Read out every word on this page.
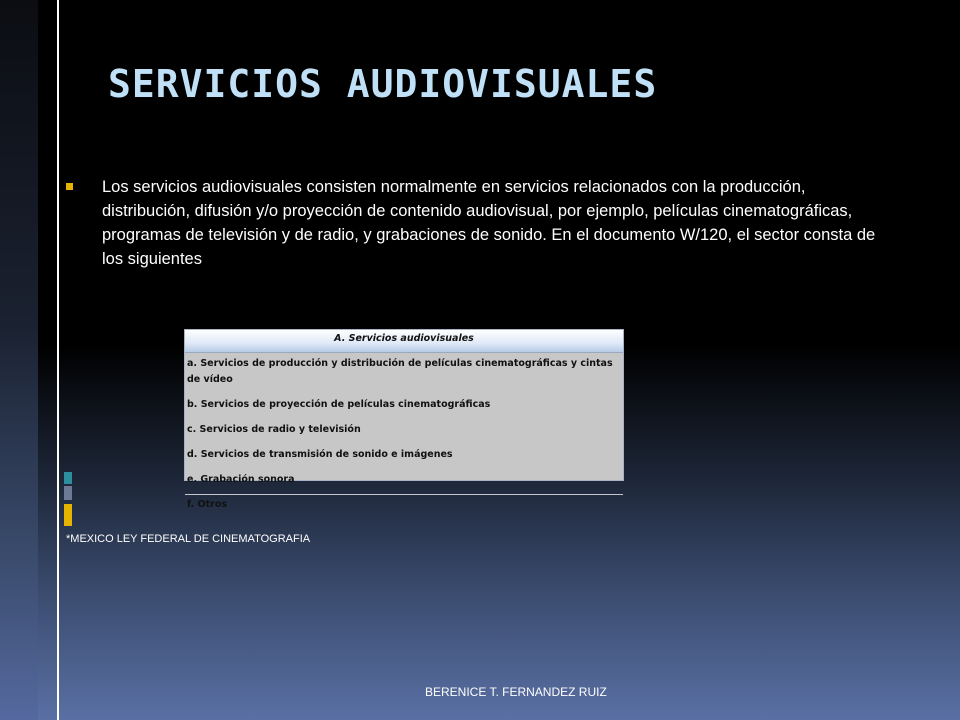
SERVICIOS AUDIOVISUALES
Los servicios audiovisuales consisten normalmente en servicios relacionados con la producción, distribución, difusión y/o proyección de contenido audiovisual, por ejemplo, películas cinematográficas, programas de televisión y de radio, y grabaciones de sonido. En el documento W/120, el sector consta de los siguientes
A. Servicios audiovisuales
a. Servicios de producción y distribución de películas cinematográficas y cintas de vídeo
b. Servicios de proyección de películas cinematográficas
c. Servicios de radio y televisión
d. Servicios de transmisión de sonido e imágenes
e. Grabación sonora
f. Otros
*MEXICO LEY FEDERAL DE CINEMATOGRAFIA
BERENICE T. FERNANDEZ RUIZ
